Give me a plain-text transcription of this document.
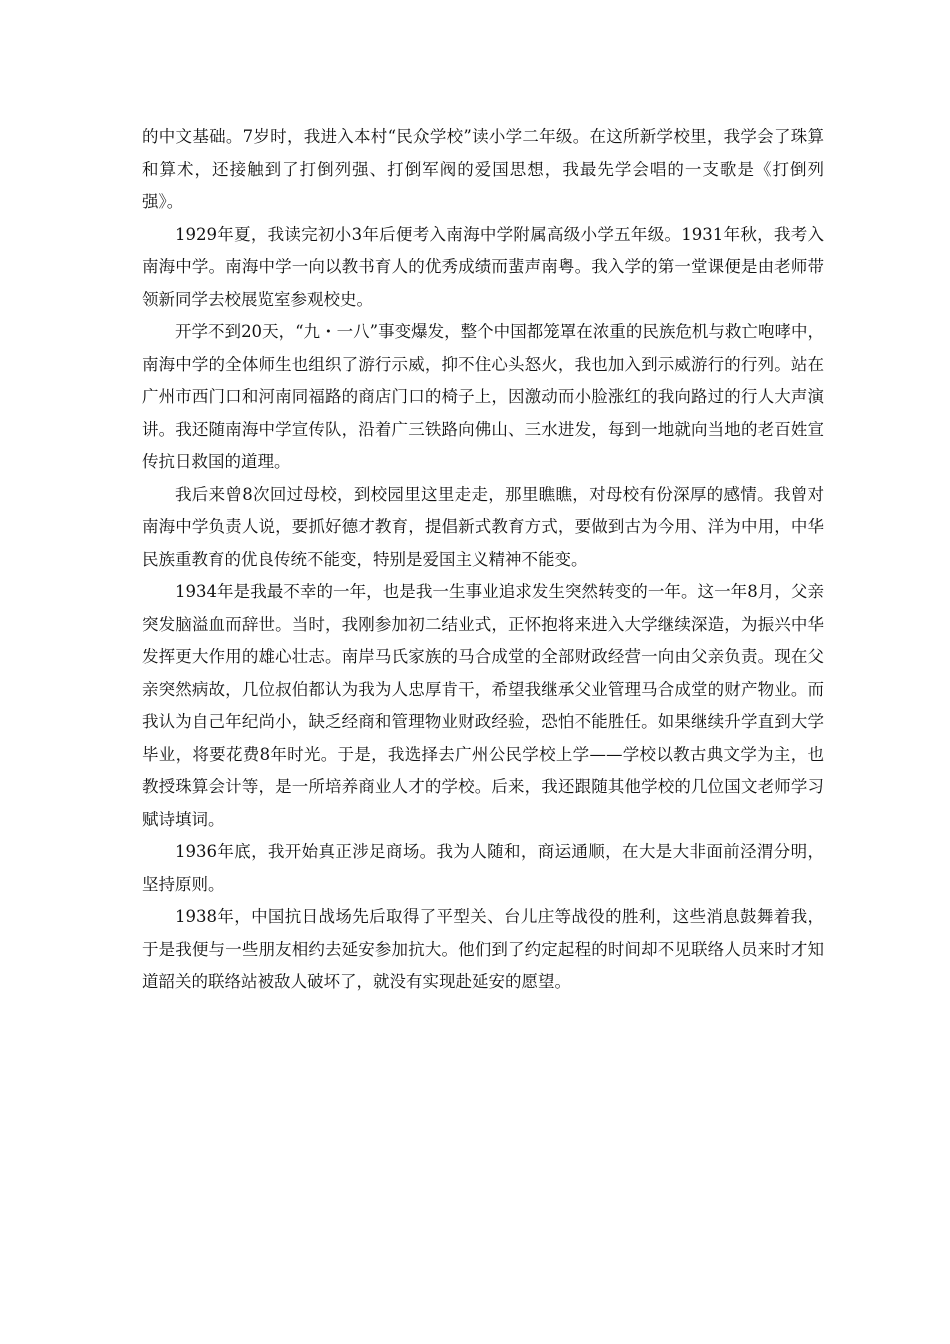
的中文基础。7岁时，我进入本村“民众学校”读小学二年级。在这所新学校里，我学会了珠算和算术，还接触到了打倒列强、打倒军阀的爱国思想，我最先学会唱的一支歌是《打倒列强》。

1929年夏，我读完初小3年后便考入南海中学附属高级小学五年级。1931年秋，我考入南海中学。南海中学一向以教书育人的优秀成绩而蜚声南粤。我入学的第一堂课便是由老师带领新同学去校展览室参观校史。

开学不到20天，“九・一八”事变爆发，整个中国都笼罩在浓重的民族危机与救亡咆哮中，南海中学的全体师生也组织了游行示威，抑不住心头怒火，我也加入到示威游行的行列。站在广州市西门口和河南同福路的商店门口的椅子上，因激动而小脸涨红的我向路过的行人大声演讲。我还随南海中学宣传队，沿着广三铁路向佛山、三水进发，每到一地就向当地的老百姓宣传抗日救国的道理。

我后来曾8次回过母校，到校园里这里走走，那里瞧瞧，对母校有份深厚的感情。我曾对南海中学负责人说，要抓好德才教育，提倡新式教育方式，要做到古为今用、洋为中用，中华民族重教育的优良传统不能变，特别是爱国主义精神不能变。

1934年是我最不幸的一年，也是我一生事业追求发生突然转变的一年。这一年8月，父亲突发脑溢血而辞世。当时，我刚参加初二结业式，正怀抱将来进入大学继续深造，为振兴中华发挥更大作用的雄心壮志。南岸马氏家族的马合成堂的全部财政经营一向由父亲负责。现在父亲突然病故，几位叔伯都认为我为人忠厚肯干，希望我继承父业管理马合成堂的财产物业。而我认为自己年纪尚小，缺乏经商和管理物业财政经验，恐怕不能胜任。如果继续升学直到大学毕业，将要花费8年时光。于是，我选择去广州公民学校上学——学校以教古典文学为主，也教授珠算会计等，是一所培养商业人才的学校。后来，我还跟随其他学校的几位国文老师学习赋诗填词。

1936年底，我开始真正涉足商场。我为人随和，商运通顺，在大是大非面前泾渭分明，坚持原则。

1938年，中国抗日战场先后取得了平型关、台儿庄等战役的胜利，这些消息鼓舞着我，于是我便与一些朋友相约去延安参加抗大。他们到了约定起程的时间却不见联络人员来时才知道韶关的联络站被敌人破坏了，就没有实现赴延安的愿望。
